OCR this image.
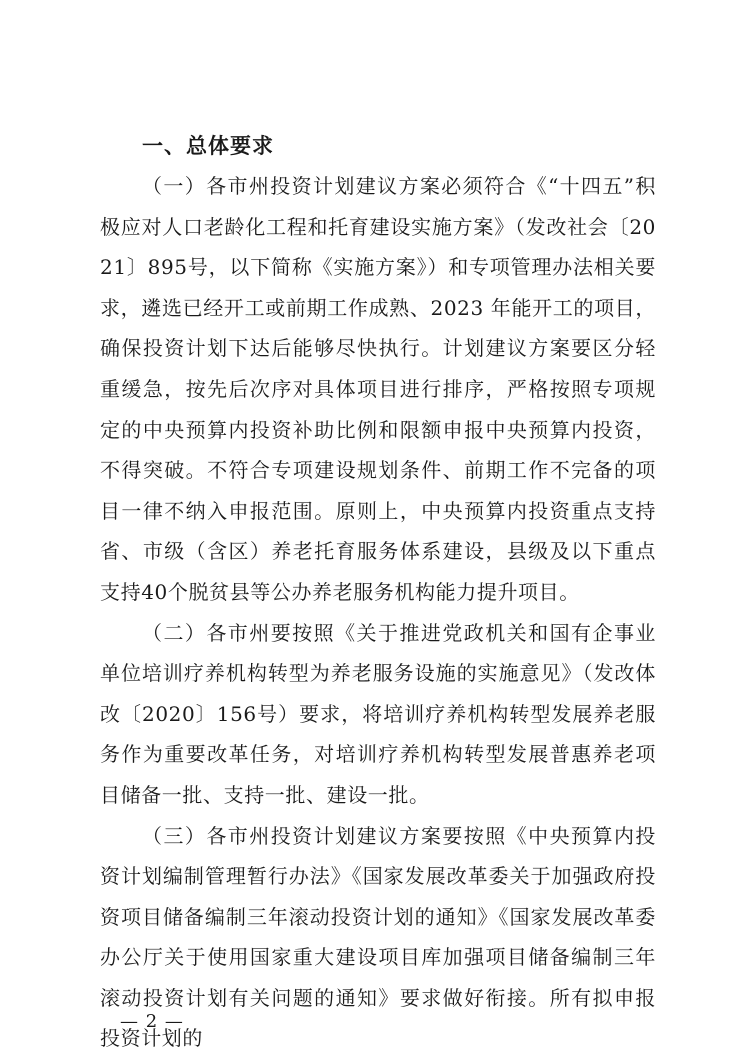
一、总体要求

（一）各市州投资计划建议方案必须符合《“十四五”积极应对人口老龄化工程和托育建设实施方案》（发改社会〔2021〕895号，以下简称《实施方案》）和专项管理办法相关要求，遴选已经开工或前期工作成熟、2023 年能开工的项目，确保投资计划下达后能够尽快执行。计划建议方案要区分轻重缓急，按先后次序对具体项目进行排序，严格按照专项规定的中央预算内投资补助比例和限额申报中央预算内投资，不得突破。不符合专项建设规划条件、前期工作不完备的项目一律不纳入申报范围。原则上，中央预算内投资重点支持省、市级（含区）养老托育服务体系建设，县级及以下重点支持40个脱贫县等公办养老服务机构能力提升项目。

（二）各市州要按照《关于推进党政机关和国有企事业单位培训疗养机构转型为养老服务设施的实施意见》（发改体改〔2020〕156号）要求，将培训疗养机构转型发展养老服务作为重要改革任务，对培训疗养机构转型发展普惠养老项目储备一批、支持一批、建设一批。

（三）各市州投资计划建议方案要按照《中央预算内投资计划编制管理暂行办法》《国家发展改革委关于加强政府投资项目储备编制三年滚动投资计划的通知》《国家发展改革委办公厅关于使用国家重大建设项目库加强项目储备编制三年滚动投资计划有关问题的通知》要求做好衔接。所有拟申报投资计划的

— 2 —
